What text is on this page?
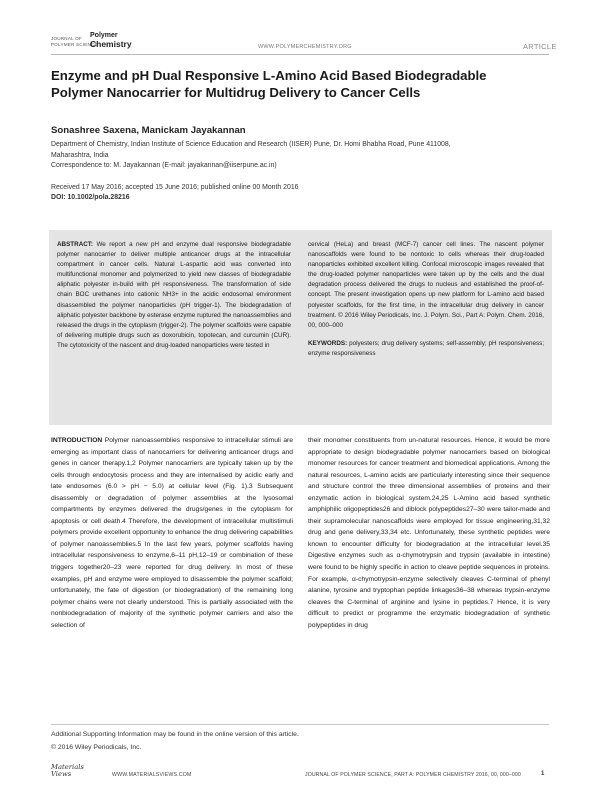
JOURNAL OF
POLYMER SCIENCE
Polymer
Chemistry	WWW.POLYMERCHEMISTRY.ORG	ARTICLE
Enzyme and pH Dual Responsive L-Amino Acid Based Biodegradable Polymer Nanocarrier for Multidrug Delivery to Cancer Cells
Sonashree Saxena, Manickam Jayakannan
Department of Chemistry, Indian Institute of Science Education and Research (IISER) Pune, Dr. Homi Bhabha Road, Pune 411008,
Maharashtra, India
Correspondence to: M. Jayakannan (E-mail: jayakannan@iiserpune.ac.in)
Received 17 May 2016; accepted 15 June 2016; published online 00 Month 2016
DOI: 10.1002/pola.28216
ABSTRACT: We report a new pH and enzyme dual responsive biodegradable polymer nanocarrier to deliver multiple anticancer drugs at the intracellular compartment in cancer cells. Natural L-aspartic acid was converted into multifunctional monomer and polymerized to yield new classes of biodegradable aliphatic polyester in-build with pH responsiveness. The transformation of side chain BOC urethanes into cationic NH3+ in the acidic endosomal environment disassembled the polymer nanoparticles (pH trigger-1). The biodegradation of aliphatic polyester backbone by esterase enzyme ruptured the nanoassemblies and released the drugs in the cytoplasm (trigger-2). The polymer scaffolds were capable of delivering multiple drugs such as doxorubicin, topotecan, and curcumin (CUR). The cytotoxicity of the nascent and drug-loaded nanoparticles were tested in
cervical (HeLa) and breast (MCF-7) cancer cell lines. The nascent polymer nanoscaffolds were found to be nontoxic to cells whereas their drug-loaded nanoparticles exhibited excellent killing. Confocal microscopic images revealed that the drug-loaded polymer nanoparticles were taken up by the cells and the dual degradation process delivered the drugs to nucleus and established the proof-of-concept. The present investigation opens up new platform for L-amino acid based polyester scaffolds, for the first time, in the intracellular drug delivery in cancer treatment. © 2016 Wiley Periodicals, Inc. J. Polym. Sci., Part A: Polym. Chem. 2016, 00, 000–000
KEYWORDS: polyesters; drug delivery systems; self-assembly; pH responsiveness; enzyme responsiveness
INTRODUCTION Polymer nanoassemblies responsive to intracellular stimuli are emerging as important class of nanocarriers for delivering anticancer drugs and genes in cancer therapy.1,2 Polymer nanocarriers are typically taken up by the cells through endocytosis process and they are internalised by acidic early and late endosomes (6.0 > pH − 5.0) at cellular level (Fig. 1).3 Subsequent disassembly or degradation of polymer assemblies at the lysosomal compartments by enzymes delivered the drugs/genes in the cytoplasm for apoptosis or cell death.4 Therefore, the development of intracellular multistimuli polymers provide excellent opportunity to enhance the drug delivering capabilities of polymer nanoassemblies.5 In the last few years, polymer scaffolds having intracellular responsiveness to enzyme,6–11 pH,12–19 or combination of these triggers together20–23 were reported for drug delivery. In most of these examples, pH and enzyme were employed to disassemble the polymer scaffold; unfortunately, the fate of digestion (or biodegradation) of the remaining long polymer chains were not clearly understood. This is partially associated with the nonbiodegradation of majority of the synthetic polymer carriers and also the selection of
their monomer constituents from un-natural resources. Hence, it would be more appropriate to design biodegradable polymer nanocarriers based on biological monomer resources for cancer treatment and biomedical applications. Among the natural resources, L-amino acids are particularly interesting since their sequence and structure control the three dimensional assemblies of proteins and their enzymatic action in biological system.24,25 L-Amino acid based synthetic amphiphilic oligopeptides26 and diblock polypeptides27–30 were tailor-made and their supramolecular nanoscaffolds were employed for tissue engineering,31,32 drug and gene delivery,33,34 etc. Unfortunately, these synthetic peptides were known to encounter difficulty for biodegradation at the intracellular level.35 Digestive enzymes such as α-chymotrypsin and trypsin (available in intestine) were found to be highly specific in action to cleave peptide sequences in proteins. For example, α-chymotrypsin-enzyme selectively cleaves C-terminal of phenyl alanine, tyrosine and tryptophan peptide linkages36–38 whereas trypsin-enzyme cleaves the C-terminal of arginine and lysine in peptides.7 Hence, it is very difficult to predict or programme the enzymatic biodegradation of synthetic polypeptides in drug
Additional Supporting Information may be found in the online version of this article.
© 2016 Wiley Periodicals, Inc.
Materials Views	WWW.MATERIALSVIEWS.COM	JOURNAL OF POLYMER SCIENCE, PART A: POLYMER CHEMISTRY 2016, 00, 000–000	1
